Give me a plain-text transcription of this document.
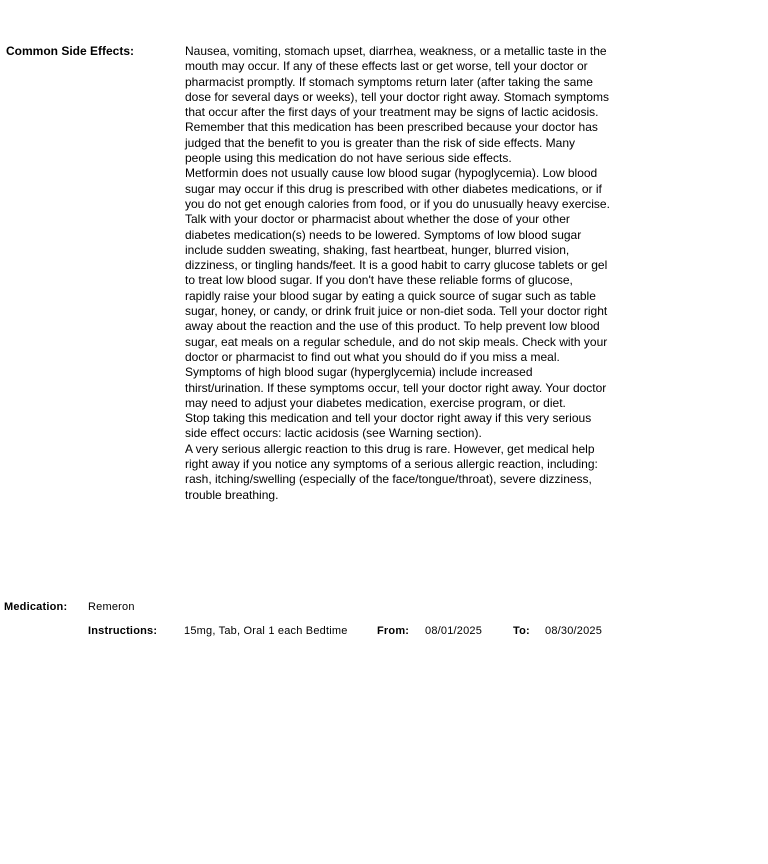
Common Side Effects:	Nausea, vomiting, stomach upset, diarrhea, weakness, or a metallic taste in the mouth may occur. If any of these effects last or get worse, tell your doctor or pharmacist promptly. If stomach symptoms return later (after taking the same dose for several days or weeks), tell your doctor right away. Stomach symptoms that occur after the first days of your treatment may be signs of lactic acidosis.

Remember that this medication has been prescribed because your doctor has judged that the benefit to you is greater than the risk of side effects. Many people using this medication do not have serious side effects.

Metformin does not usually cause low blood sugar (hypoglycemia). Low blood sugar may occur if this drug is prescribed with other diabetes medications, or if you do not get enough calories from food, or if you do unusually heavy exercise. Talk with your doctor or pharmacist about whether the dose of your other diabetes medication(s) needs to be lowered. Symptoms of low blood sugar include sudden sweating, shaking, fast heartbeat, hunger, blurred vision, dizziness, or tingling hands/feet. It is a good habit to carry glucose tablets or gel to treat low blood sugar. If you don't have these reliable forms of glucose, rapidly raise your blood sugar by eating a quick source of sugar such as table sugar, honey, or candy, or drink fruit juice or non-diet soda. Tell your doctor right away about the reaction and the use of this product. To help prevent low blood sugar, eat meals on a regular schedule, and do not skip meals. Check with your doctor or pharmacist to find out what you should do if you miss a meal.

Symptoms of high blood sugar (hyperglycemia) include increased thirst/urination. If these symptoms occur, tell your doctor right away. Your doctor may need to adjust your diabetes medication, exercise program, or diet.

Stop taking this medication and tell your doctor right away if this very serious side effect occurs: lactic acidosis (see Warning section).

A very serious allergic reaction to this drug is rare. However, get medical help right away if you notice any symptoms of a serious allergic reaction, including: rash, itching/swelling (especially of the face/tongue/throat), severe dizziness, trouble breathing.

Medication: Remeron
Instructions: 15mg, Tab, Oral 1 each Bedtime	From: 08/01/2025	To: 08/30/2025
